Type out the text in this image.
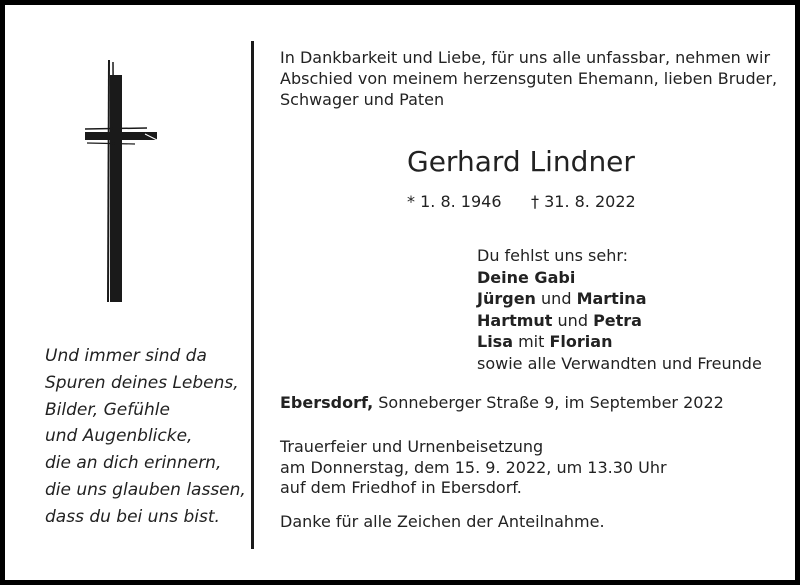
Und immer sind da
Spuren deines Lebens,
Bilder, Gefühle
und Augenblicke,
die an dich erinnern,
die uns glauben lassen,
dass du bei uns bist.
In Dankbarkeit und Liebe, für uns alle unfassbar, nehmen wir
Abschied von meinem herzensguten Ehemann, lieben Bruder,
Schwager und Paten
Gerhard Lindner
* 1. 8. 1946 † 31. 8. 2022
Du fehlst uns sehr:
Deine Gabi
Jürgen und Martina
Hartmut und Petra
Lisa mit Florian
sowie alle Verwandten und Freunde
Ebersdorf, Sonneberger Straße 9, im September 2022
Trauerfeier und Urnenbeisetzung
am Donnerstag, dem 15. 9. 2022, um 13.30 Uhr
auf dem Friedhof in Ebersdorf.
Danke für alle Zeichen der Anteilnahme.
